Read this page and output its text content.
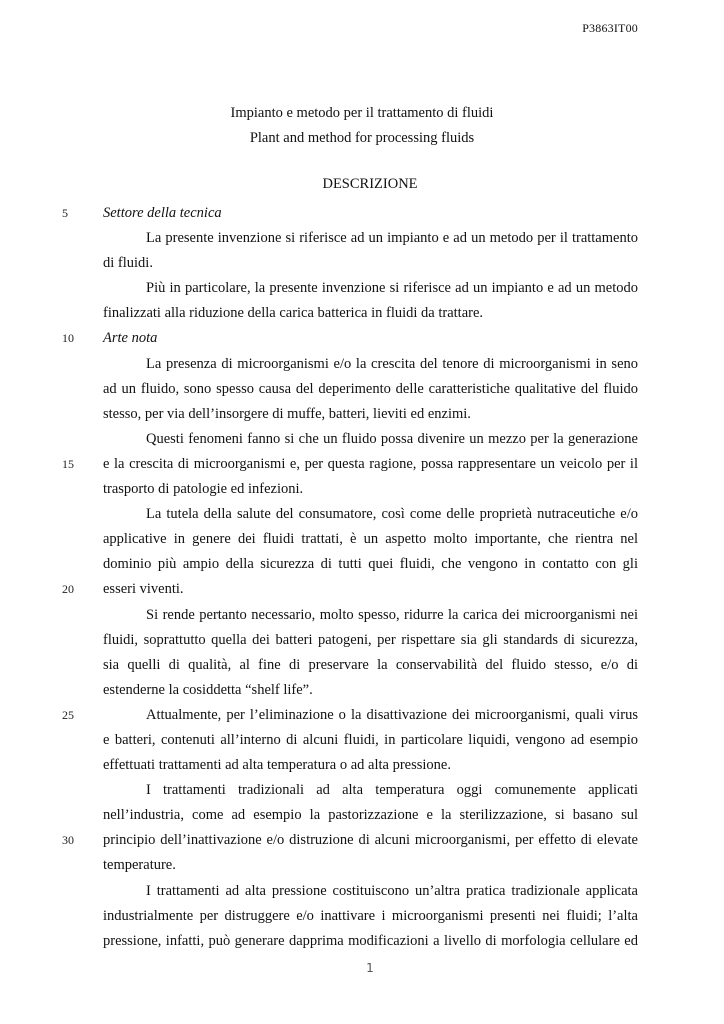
P3863IT00
Impianto e metodo per il trattamento di fluidi
Plant and method for processing fluids
DESCRIZIONE
5	Settore della tecnica
La presente invenzione si riferisce ad un impianto e ad un metodo per il trattamento
di fluidi.
Più in particolare, la presente invenzione si riferisce ad un impianto e ad un metodo
finalizzati alla riduzione della carica batterica in fluidi da trattare.
10	Arte nota
La presenza di microorganismi e/o la crescita del tenore di microorganismi in seno
ad un fluido, sono spesso causa del deperimento delle caratteristiche qualitative del fluido
stesso, per via dell’insorgere di muffe, batteri, lieviti ed enzimi.
Questi fenomeni fanno si che un fluido possa divenire un mezzo per la generazione
15	e la crescita di microorganismi e, per questa ragione, possa rappresentare un veicolo per il
trasporto di patologie ed infezioni.
La tutela della salute del consumatore, così come delle proprietà nutraceutiche e/o
applicative in genere dei fluidi trattati, è un aspetto molto importante, che rientra nel
dominio più ampio della sicurezza di tutti quei fluidi, che vengono in contatto con gli
20	esseri viventi.
Si rende pertanto necessario, molto spesso, ridurre la carica dei microorganismi nei
fluidi, soprattutto quella dei batteri patogeni, per rispettare sia gli standards di sicurezza,
sia quelli di qualità, al fine di preservare la conservabilità del fluido stesso, e/o di
estenderne la cosiddetta “shelf life”.
25	Attualmente, per l’eliminazione o la disattivazione dei microorganismi, quali virus
e batteri, contenuti all’interno di alcuni fluidi, in particolare liquidi, vengono ad esempio
effettuati trattamenti ad alta temperatura o ad alta pressione.
I trattamenti tradizionali ad alta temperatura oggi comunemente applicati
nell’industria, come ad esempio la pastorizzazione e la sterilizzazione, si basano sul
30	principio dell’inattivazione e/o distruzione di alcuni microorganismi, per effetto di elevate
temperature.
I trattamenti ad alta pressione costituiscono un’altra pratica tradizionale applicata
industrialmente per distruggere e/o inattivare i microorganismi presenti nei fluidi; l’alta
pressione, infatti, può generare dapprima modificazioni a livello di morfologia cellulare ed
1
